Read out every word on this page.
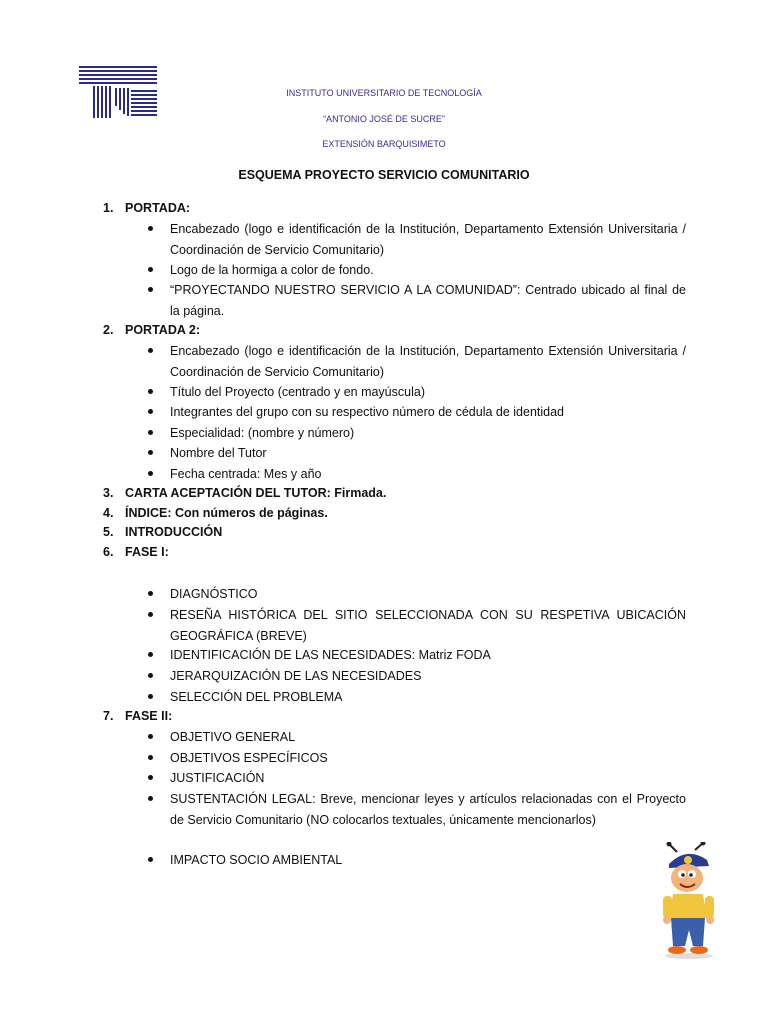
INSTITUTO UNIVERSITARIO DE TECNOLOGÍA
“ANTONIO JOSÉ DE SUCRE”
EXTENSIÓN BARQUISIMETO
ESQUEMA PROYECTO SERVICIO COMUNITARIO
1. PORTADA:
Encabezado (logo e identificación de la Institución, Departamento Extensión Universitaria / Coordinación de Servicio Comunitario)
Logo de la hormiga a color de fondo.
“PROYECTANDO NUESTRO SERVICIO A LA COMUNIDAD”: Centrado ubicado al final de la página.
2. PORTADA 2:
Encabezado (logo e identificación de la Institución, Departamento Extensión Universitaria / Coordinación de Servicio Comunitario)
Título del Proyecto (centrado y en mayúscula)
Integrantes del grupo con su respectivo número de cédula de identidad
Especialidad: (nombre y número)
Nombre del Tutor
Fecha centrada: Mes y año
3. CARTA ACEPTACIÓN DEL TUTOR: Firmada.
4. ÍNDICE: Con números de páginas.
5. INTRODUCCIÓN
6. FASE I:
DIAGNÓSTICO
RESEÑA HISTÓRICA DEL SITIO SELECCIONADA CON SU RESPETIVA UBICACIÓN GEOGRÁFICA (BREVE)
IDENTIFICACIÓN DE LAS NECESIDADES: Matriz FODA
JERARQUIZACIÓN DE LAS NECESIDADES
SELECCIÓN DEL PROBLEMA
7. FASE II:
OBJETIVO GENERAL
OBJETIVOS ESPECÍFICOS
JUSTIFICACIÓN
SUSTENTACIÓN LEGAL: Breve, mencionar leyes y artículos relacionadas con el Proyecto de Servicio Comunitario (NO colocarlos textuales, únicamente mencionarlos)
IMPACTO SOCIO AMBIENTAL
